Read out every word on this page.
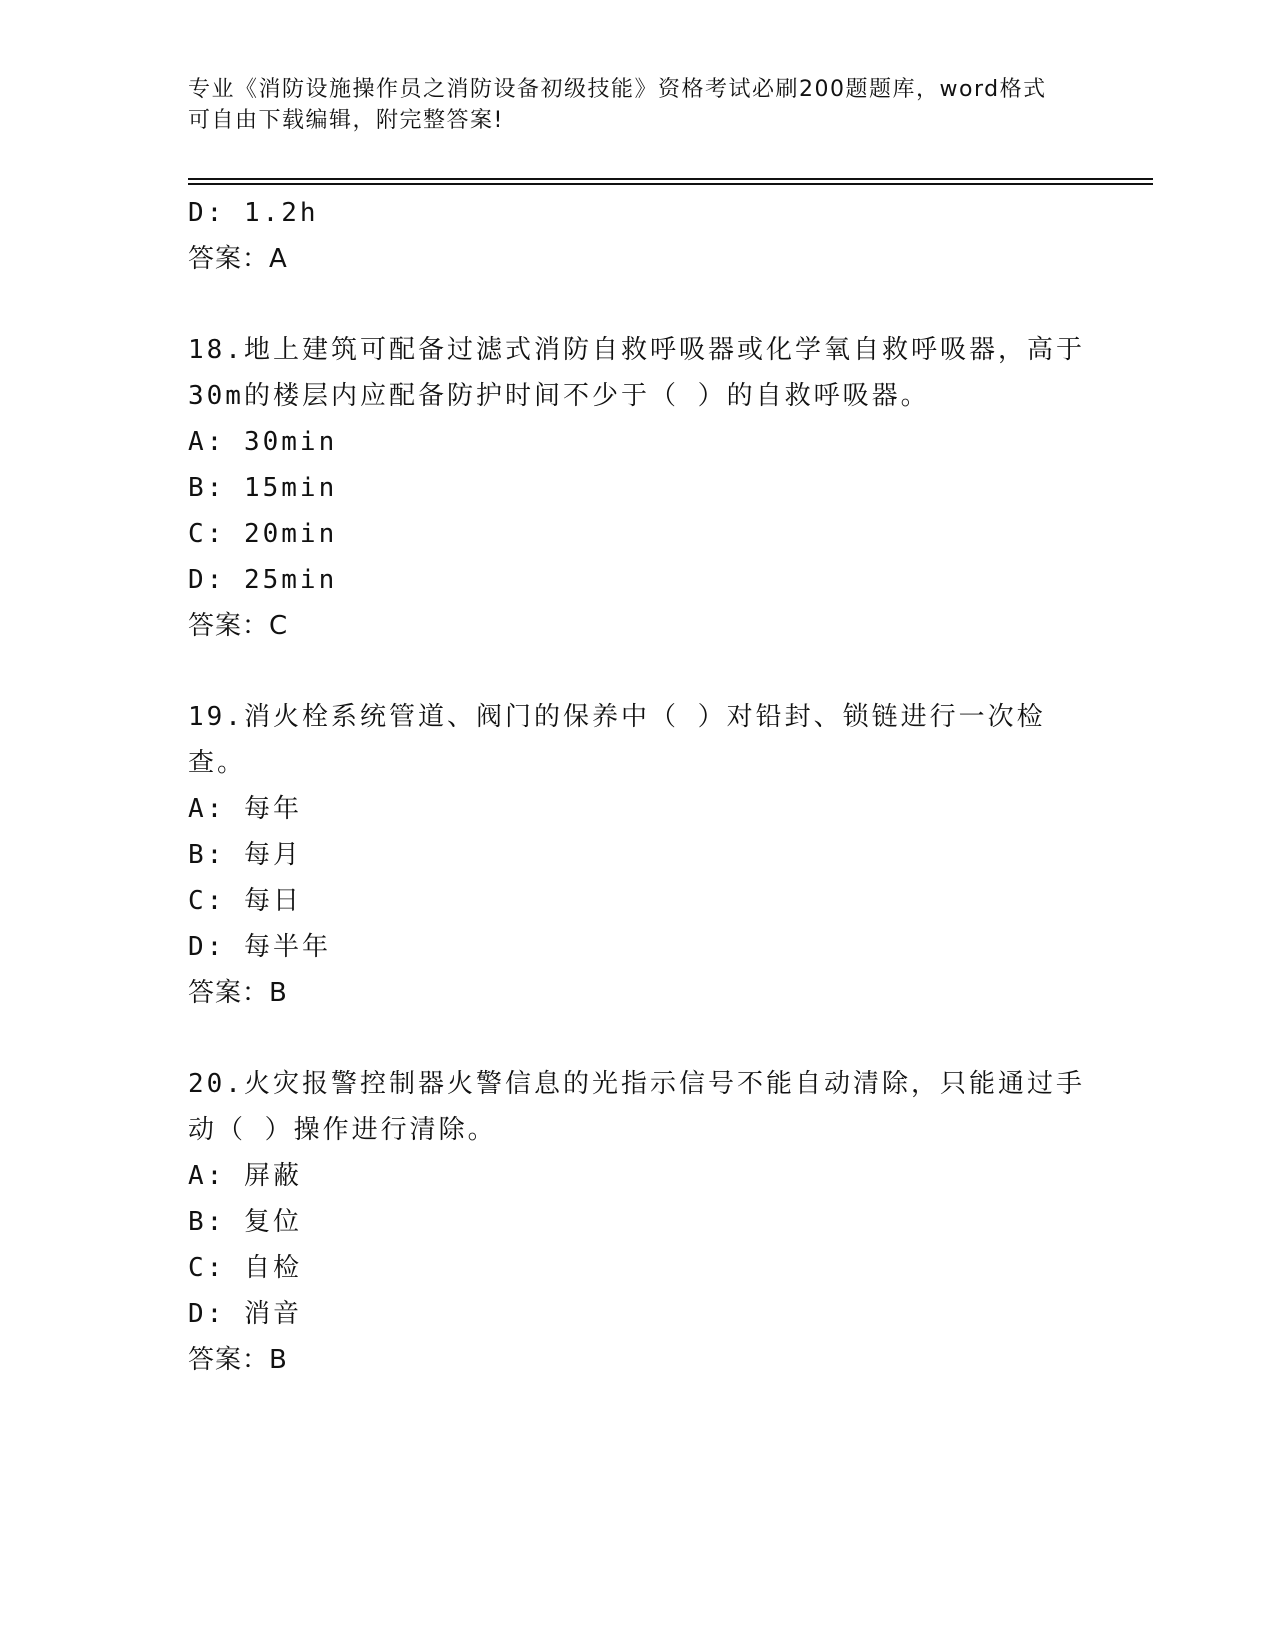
专业《消防设施操作员之消防设备初级技能》资格考试必刷200题题库，word格式可自由下载编辑，附完整答案!
D: 1.2h
答案：A
18.地上建筑可配备过滤式消防自救呼吸器或化学氧自救呼吸器，高于30m的楼层内应配备防护时间不少于（ ）的自救呼吸器。
A: 30min
B: 15min
C: 20min
D: 25min
答案：C
19.消火栓系统管道、阀门的保养中（ ）对铅封、锁链进行一次检查。
A: 每年
B: 每月
C: 每日
D: 每半年
答案：B
20.火灾报警控制器火警信息的光指示信号不能自动清除，只能通过手动（ ）操作进行清除。
A: 屏蔽
B: 复位
C: 自检
D: 消音
答案：B
